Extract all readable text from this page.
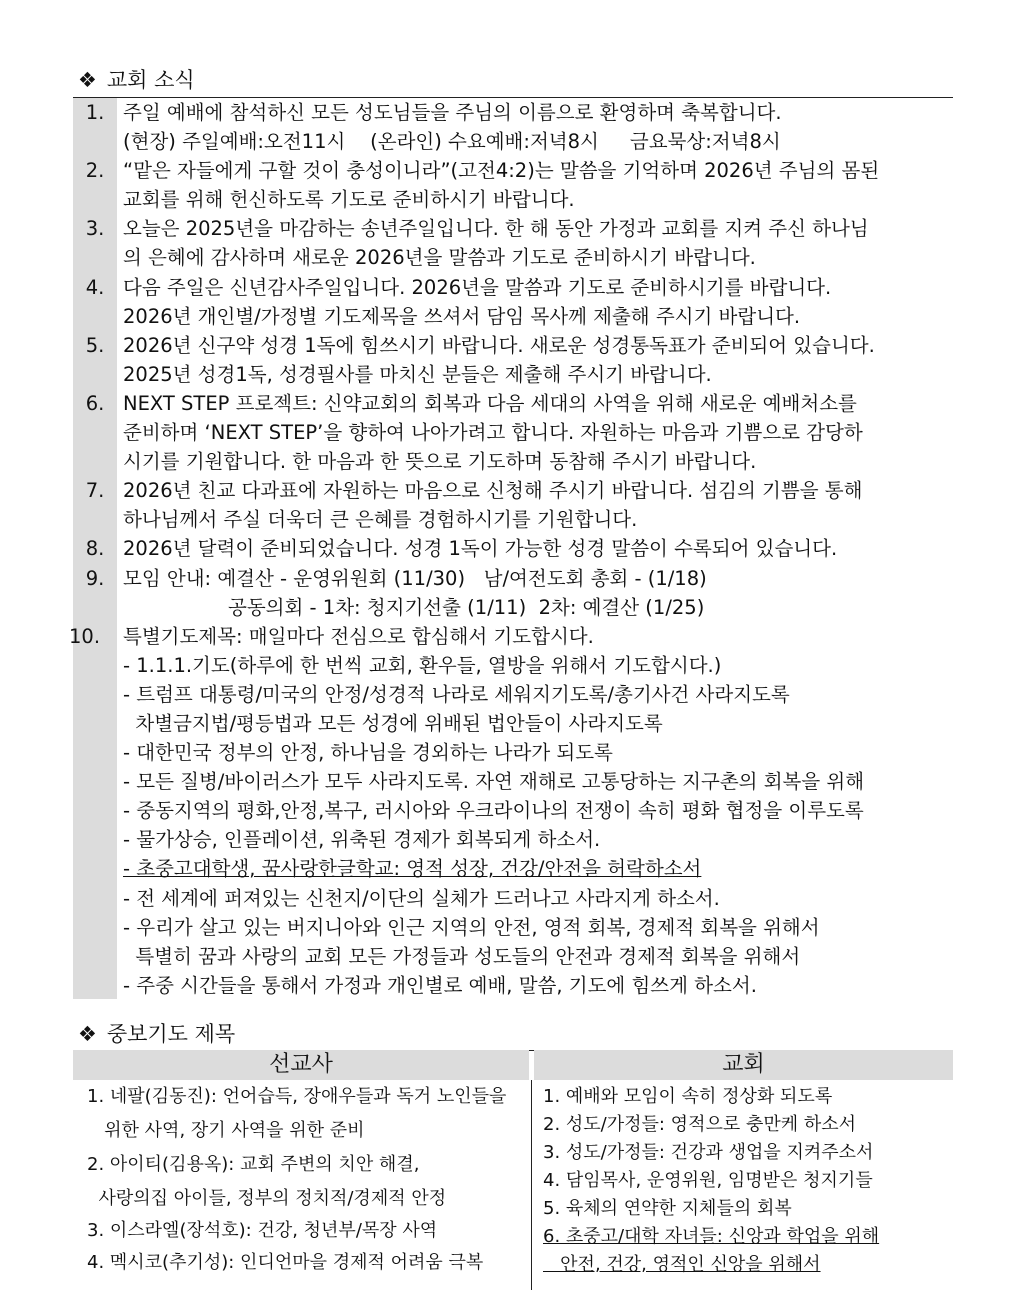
❖ 교회 소식
1. 주일 예배에 참석하신 모든 성도님들을 주님의 이름으로 환영하며 축복합니다.
(현장) 주일예배:오전11시    (온라인) 수요예배:저녁8시     금요묵상:저녁8시
2. “맡은 자들에게 구할 것이 충성이니라”(고전4:2)는 말씀을 기억하며 2026년 주님의 몸된
교회를 위해 헌신하도록 기도로 준비하시기 바랍니다.
3. 오늘은 2025년을 마감하는 송년주일입니다. 한 해 동안 가정과 교회를 지켜 주신 하나님
의 은혜에 감사하며 새로운 2026년을 말씀과 기도로 준비하시기 바랍니다.
4. 다음 주일은 신년감사주일입니다. 2026년을 말씀과 기도로 준비하시기를 바랍니다.
2026년 개인별/가정별 기도제목을 쓰셔서 담임 목사께 제출해 주시기 바랍니다.
5. 2026년 신구약 성경 1독에 힘쓰시기 바랍니다. 새로운 성경통독표가 준비되어 있습니다.
2025년 성경1독, 성경필사를 마치신 분들은 제출해 주시기 바랍니다.
6. NEXT STEP 프로젝트: 신약교회의 회복과 다음 세대의 사역을 위해 새로운 예배처소를
준비하며 ‘NEXT STEP’을 향하여 나아가려고 합니다. 자원하는 마음과 기쁨으로 감당하
시기를 기원합니다. 한 마음과 한 뜻으로 기도하며 동참해 주시기 바랍니다.
7. 2026년 친교 다과표에 자원하는 마음으로 신청해 주시기 바랍니다. 섬김의 기쁨을 통해
하나님께서 주실 더욱더 큰 은혜를 경험하시기를 기원합니다.
8. 2026년 달력이 준비되었습니다. 성경 1독이 가능한 성경 말씀이 수록되어 있습니다.
9. 모임 안내: 예결산 - 운영위원회 (11/30)   남/여전도회 총회 - (1/18)
공동의회 - 1차: 청지기선출 (1/11)  2차: 예결산 (1/25)
10.	특별기도제목: 매일마다 전심으로 합심해서 기도합시다.
- 1.1.1.기도(하루에 한 번씩 교회, 환우들, 열방을 위해서 기도합시다.)
- 트럼프 대통령/미국의 안정/성경적 나라로 세워지기도록/총기사건 사라지도록
차별금지법/평등법과 모든 성경에 위배된 법안들이 사라지도록
- 대한민국 정부의 안정, 하나님을 경외하는 나라가 되도록
- 모든 질병/바이러스가 모두 사라지도록. 자연 재해로 고통당하는 지구촌의 회복을 위해
- 중동지역의 평화,안정,복구, 러시아와 우크라이나의 전쟁이 속히 평화 협정을 이루도록
- 물가상승, 인플레이션, 위축된 경제가 회복되게 하소서.
- 초중고대학생, 꿈사랑한글학교: 영적 성장, 건강/안전을 허락하소서
- 전 세계에 퍼져있는 신천지/이단의 실체가 드러나고 사라지게 하소서.
- 우리가 살고 있는 버지니아와 인근 지역의 안전, 영적 회복, 경제적 회복을 위해서
특별히 꿈과 사랑의 교회 모든 가정들과 성도들의 안전과 경제적 회복을 위해서
- 주중 시간들을 통해서 가정과 개인별로 예배, 말씀, 기도에 힘쓰게 하소서.
❖ 중보기도 제목
선교사	교회
1. 네팔(김동진): 언어습득, 장애우들과 독거 노인들을
위한 사역, 장기 사역을 위한 준비
2. 아이티(김용옥): 교회 주변의 치안 해결,
사랑의집 아이들, 정부의 정치적/경제적 안정
3. 이스라엘(장석호): 건강, 청년부/목장 사역
4. 멕시코(추기성): 인디언마을 경제적 어려움 극복
1. 예배와 모임이 속히 정상화 되도록
2. 성도/가정들: 영적으로 충만케 하소서
3. 성도/가정들: 건강과 생업을 지켜주소서
4. 담임목사, 운영위원, 임명받은 청지기들
5. 육체의 연약한 지체들의 회복
6. 초중고/대학 자녀들: 신앙과 학업을 위해
안전, 건강, 영적인 신앙을 위해서
